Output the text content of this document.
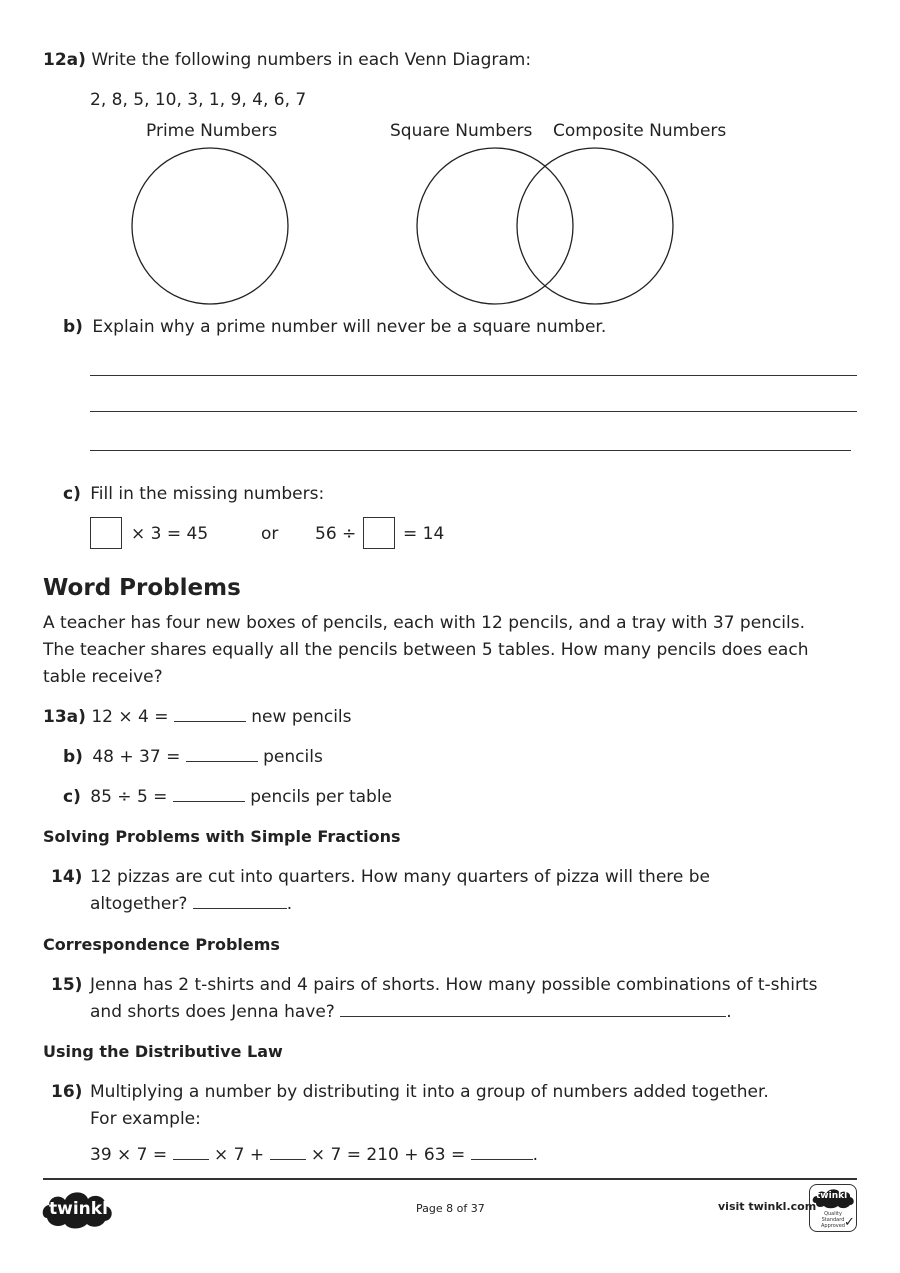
12a) Write the following numbers in each Venn Diagram:
2, 8, 5, 10, 3, 1, 9, 4, 6, 7
Prime Numbers	Square Numbers Composite Numbers
b) Explain why a prime number will never be a square number.
c) Fill in the missing numbers:
× 3 = 45	or 56 ÷	= 14
Word Problems
A teacher has four new boxes of pencils, each with 12 pencils, and a tray with 37 pencils.
The teacher shares equally all the pencils between 5 tables. How many pencils does each
table receive?
13a) 12 × 4 =	new pencils
b) 48 + 37 =	pencils
c) 85 ÷ 5 =	pencils per table
Solving Problems with Simple Fractions
14) 12 pizzas are cut into quarters. How many quarters of pizza will there be
altogether?	.
Correspondence Problems
15) Jenna has 2 t-shirts and 4 pairs of shorts. How many possible combinations of t-shirts
and shorts does Jenna have?	.
Using the Distributive Law
16) Multiplying a number by distributing it into a group of numbers added together.
For example:
39 × 7 =	× 7 +	× 7 = 210 + 63 =	.
twinkl	Page 8 of 37	visit twinkl.com
twinkl
Quality Standard Approved ✓
